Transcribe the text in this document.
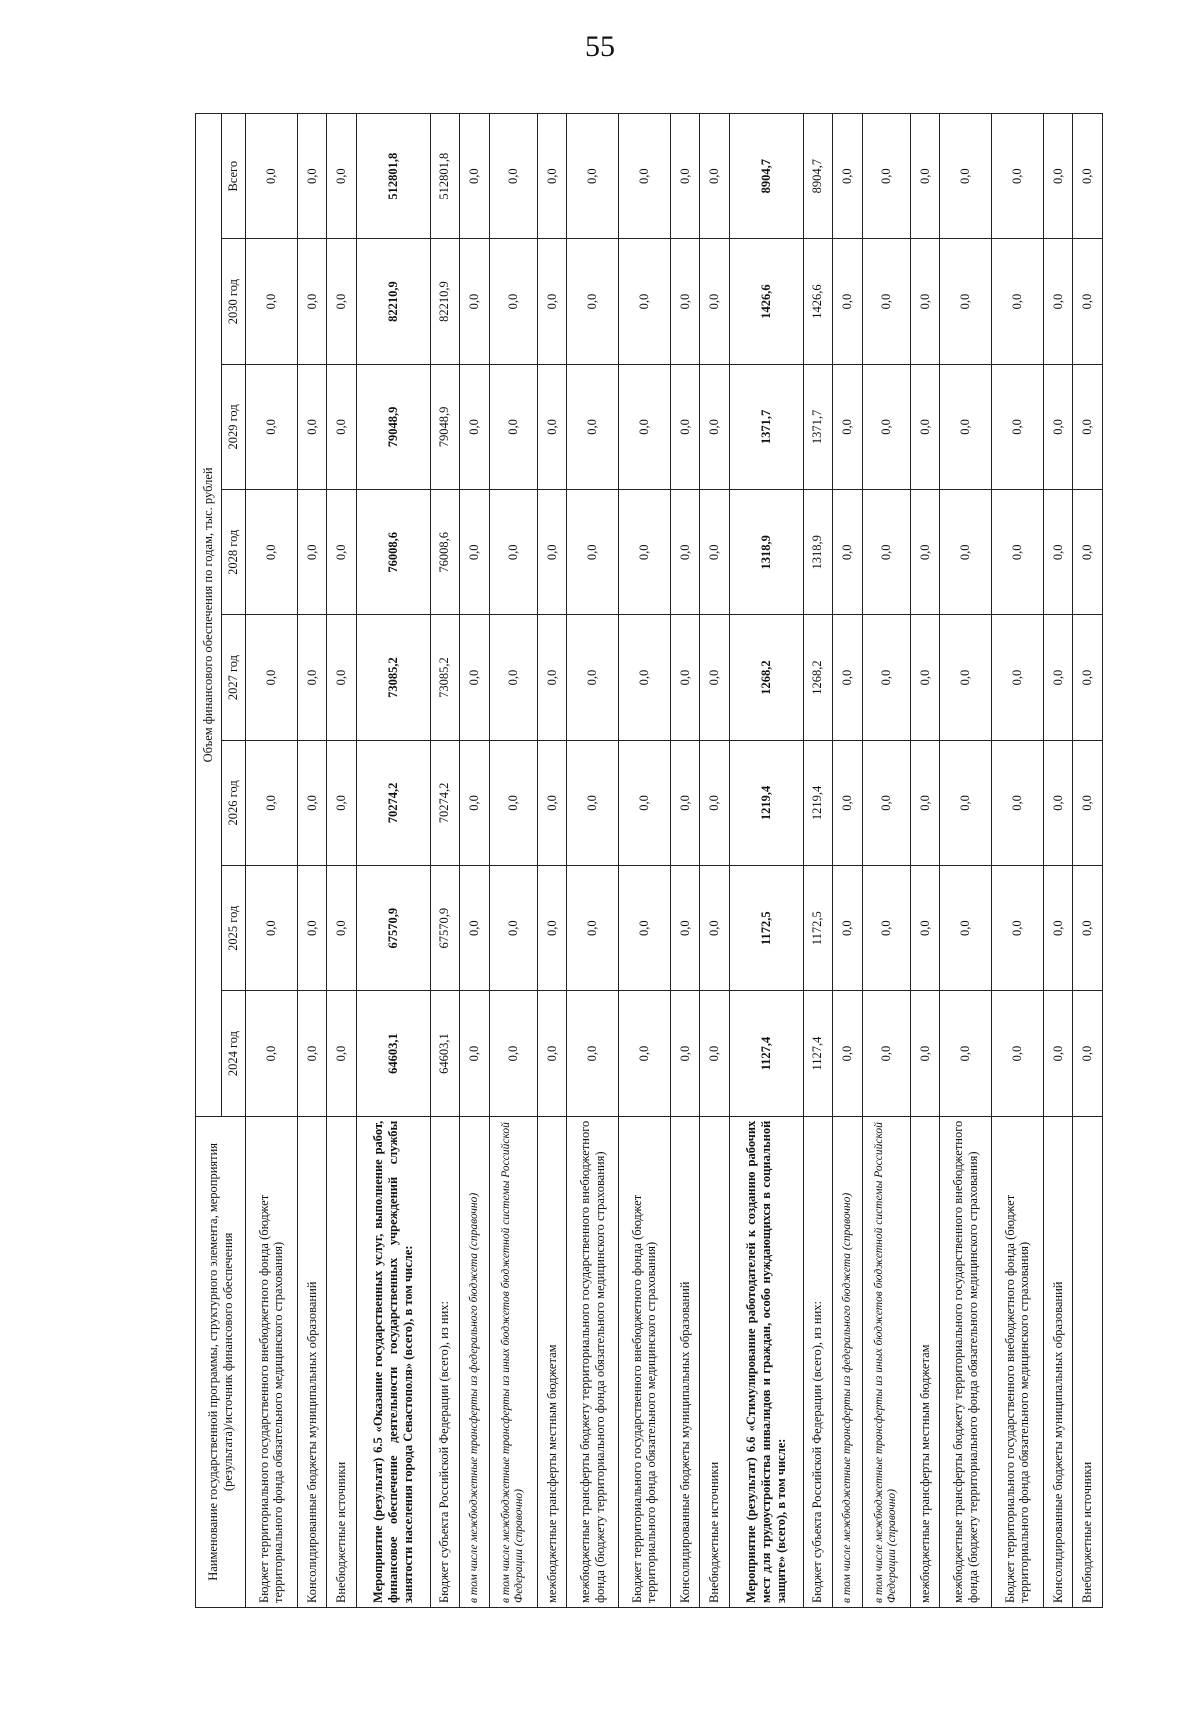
55
Наименование государственной программы, структурного элемента, мероприятия (результата)/источник финансового обеспечения	Объем финансового обеспечения по годам, тыс. рублей							
	2024 год	2025 год	2026 год	2027 год	2028 год	2029 год	2030 год	Всего
Бюджет территориального государственного внебюджетного фонда (бюджет территориального фонда обязательного медицинского страхования)	0,0	0,0	0,0	0,0	0,0	0,0	0,0	0,0
Консолидированные бюджеты муниципальных образований	0,0	0,0	0,0	0,0	0,0	0,0	0,0	0,0
Внебюджетные источники	0,0	0,0	0,0	0,0	0,0	0,0	0,0	0,0
Мероприятие (результат) 6.5 «Оказание государственных услуг, выполнение работ, финансовое обеспечение деятельности государственных учреждений службы занятости населения города Севастополя» (всего), в том числе:	64603,1	67570,9	70274,2	73085,2	76008,6	79048,9	82210,9	512801,8
Бюджет субъекта Российской Федерации (всего), из них:	64603,1	67570,9	70274,2	73085,2	76008,6	79048,9	82210,9	512801,8
в том числе межбюджетные трансферты из федерального бюджета (справочно)	0,0	0,0	0,0	0,0	0,0	0,0	0,0	0,0
в том числе межбюджетные трансферты из иных бюджетов бюджетной системы Российской Федерации (справочно)	0,0	0,0	0,0	0,0	0,0	0,0	0,0	0,0
межбюджетные трансферты местным бюджетам	0,0	0,0	0,0	0,0	0,0	0,0	0,0	0,0
межбюджетные трансферты бюджету территориального государственного внебюджетного фонда (бюджету территориального фонда обязательного медицинского страхования)	0,0	0,0	0,0	0,0	0,0	0,0	0,0	0,0
Бюджет территориального государственного внебюджетного фонда (бюджет территориального фонда обязательного медицинского страхования)	0,0	0,0	0,0	0,0	0,0	0,0	0,0	0,0
Консолидированные бюджеты муниципальных образований	0,0	0,0	0,0	0,0	0,0	0,0	0,0	0,0
Внебюджетные источники	0,0	0,0	0,0	0,0	0,0	0,0	0,0	0,0
Мероприятие (результат) 6.6 «Стимулирование работодателей к созданию рабочих мест для трудоустройства инвалидов и граждан, особо нуждающихся в социальной защите» (всего), в том числе:	1127,4	1172,5	1219,4	1268,2	1318,9	1371,7	1426,6	8904,7
Бюджет субъекта Российской Федерации (всего), из них:	1127,4	1172,5	1219,4	1268,2	1318,9	1371,7	1426,6	8904,7
в том числе межбюджетные трансферты из федерального бюджета (справочно)	0,0	0,0	0,0	0,0	0,0	0,0	0,0	0,0
в том числе межбюджетные трансферты из иных бюджетов бюджетной системы Российской Федерации (справочно)	0,0	0,0	0,0	0,0	0,0	0,0	0,0	0,0
межбюджетные трансферты местным бюджетам	0,0	0,0	0,0	0,0	0,0	0,0	0,0	0,0
межбюджетные трансферты бюджету территориального государственного внебюджетного фонда (бюджету территориального фонда обязательного медицинского страхования)	0,0	0,0	0,0	0,0	0,0	0,0	0,0	0,0
Бюджет территориального государственного внебюджетного фонда (бюджет территориального фонда обязательного медицинского страхования)	0,0	0,0	0,0	0,0	0,0	0,0	0,0	0,0
Консолидированные бюджеты муниципальных образований	0,0	0,0	0,0	0,0	0,0	0,0	0,0	0,0
Внебюджетные источники	0,0	0,0	0,0	0,0	0,0	0,0	0,0	0,0
